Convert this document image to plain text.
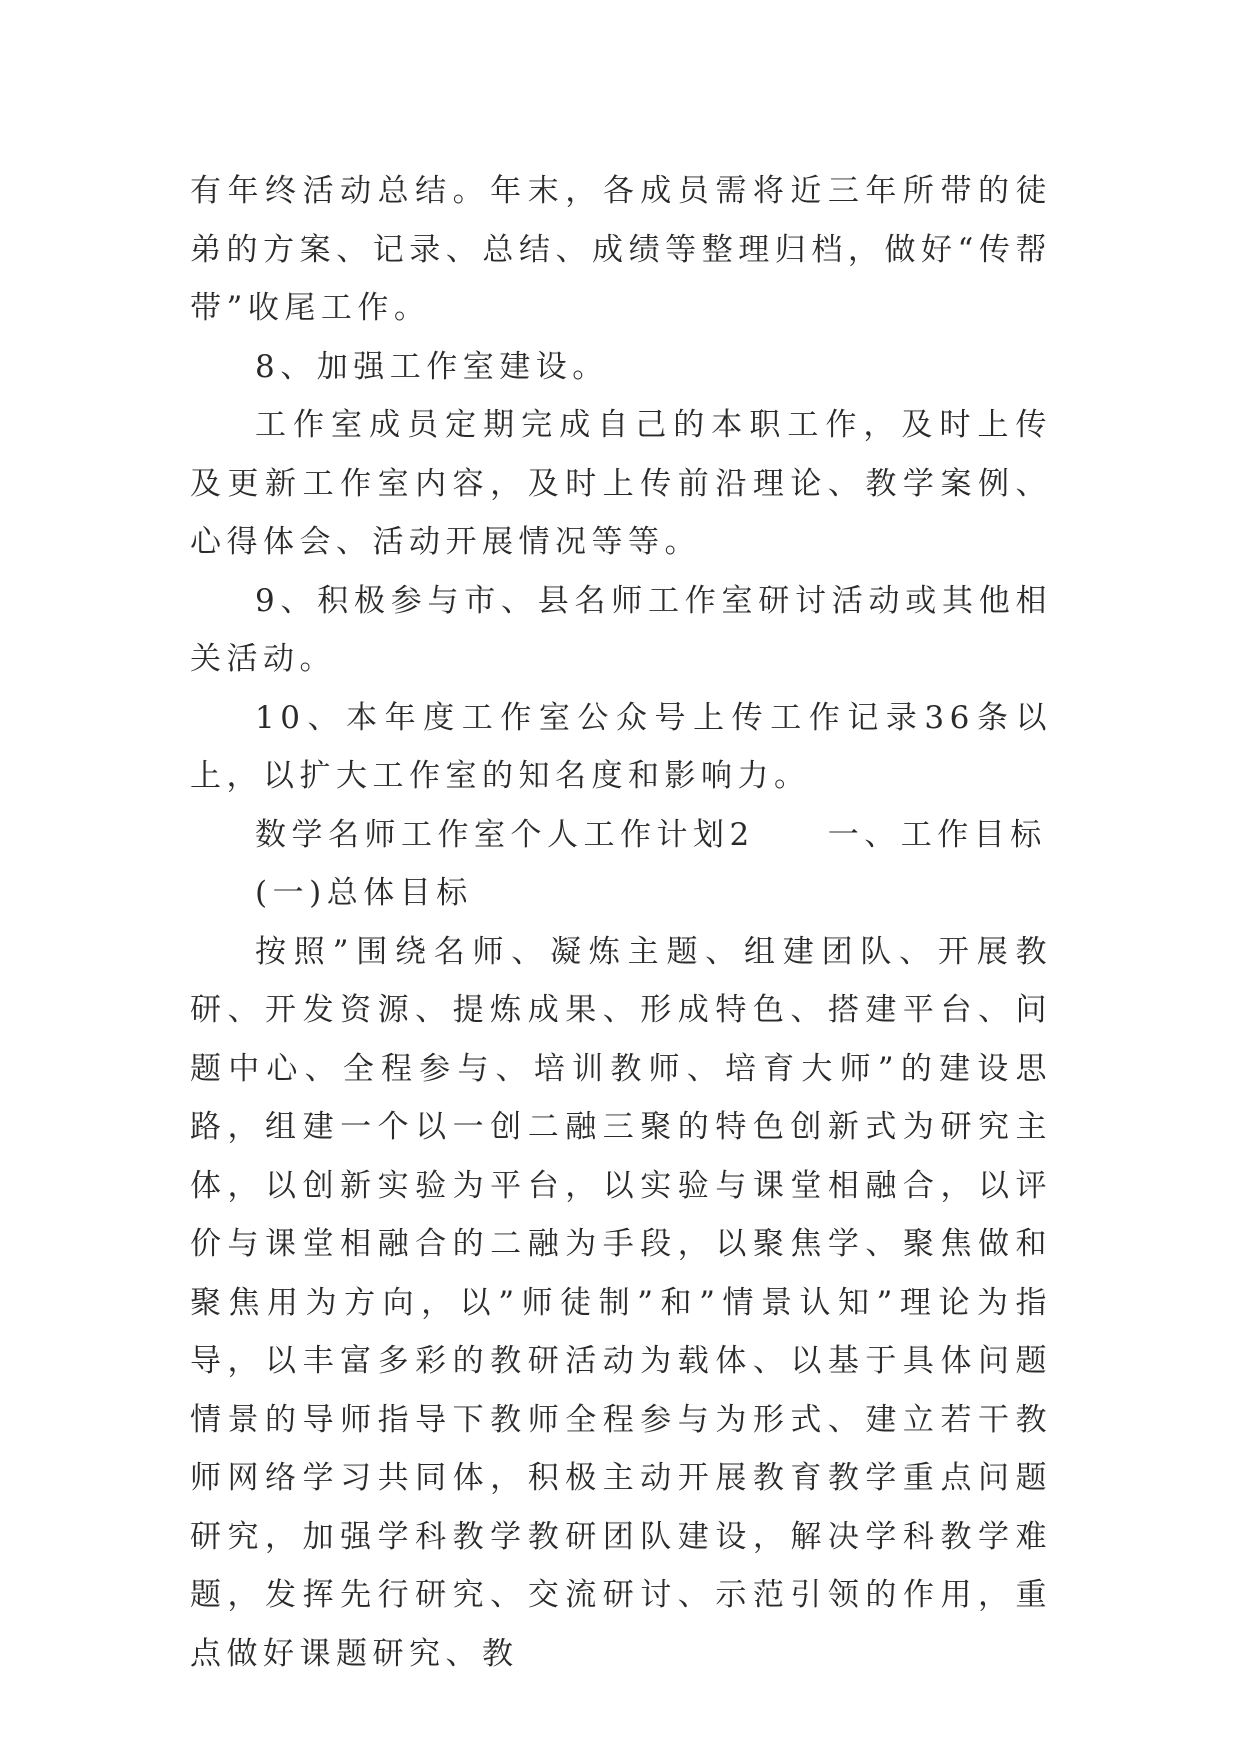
有年终活动总结。年末，各成员需将近三年所带的徒弟的方案、记录、总结、成绩等整理归档，做好“传帮带”收尾工作。

8、加强工作室建设。

工作室成员定期完成自己的本职工作，及时上传及更新工作室内容，及时上传前沿理论、教学案例、心得体会、活动开展情况等等。

9、积极参与市、县名师工作室研讨活动或其他相关活动。

10、本年度工作室公众号上传工作记录36条以上，以扩大工作室的知名度和影响力。

数学名师工作室个人工作计划2　　一、工作目标

(一)总体目标

按照”围绕名师、凝炼主题、组建团队、开展教研、开发资源、提炼成果、形成特色、搭建平台、问题中心、全程参与、培训教师、培育大师”的建设思路，组建一个以一创二融三聚的特色创新式为研究主体，以创新实验为平台，以实验与课堂相融合，以评价与课堂相融合的二融为手段，以聚焦学、聚焦做和聚焦用为方向，以”师徒制”和”情景认知”理论为指导，以丰富多彩的教研活动为载体、以基于具体问题情景的导师指导下教师全程参与为形式、建立若干教师网络学习共同体，积极主动开展教育教学重点问题研究，加强学科教学教研团队建设，解决学科教学难题，发挥先行研究、交流研讨、示范引领的作用，重点做好课题研究、教
